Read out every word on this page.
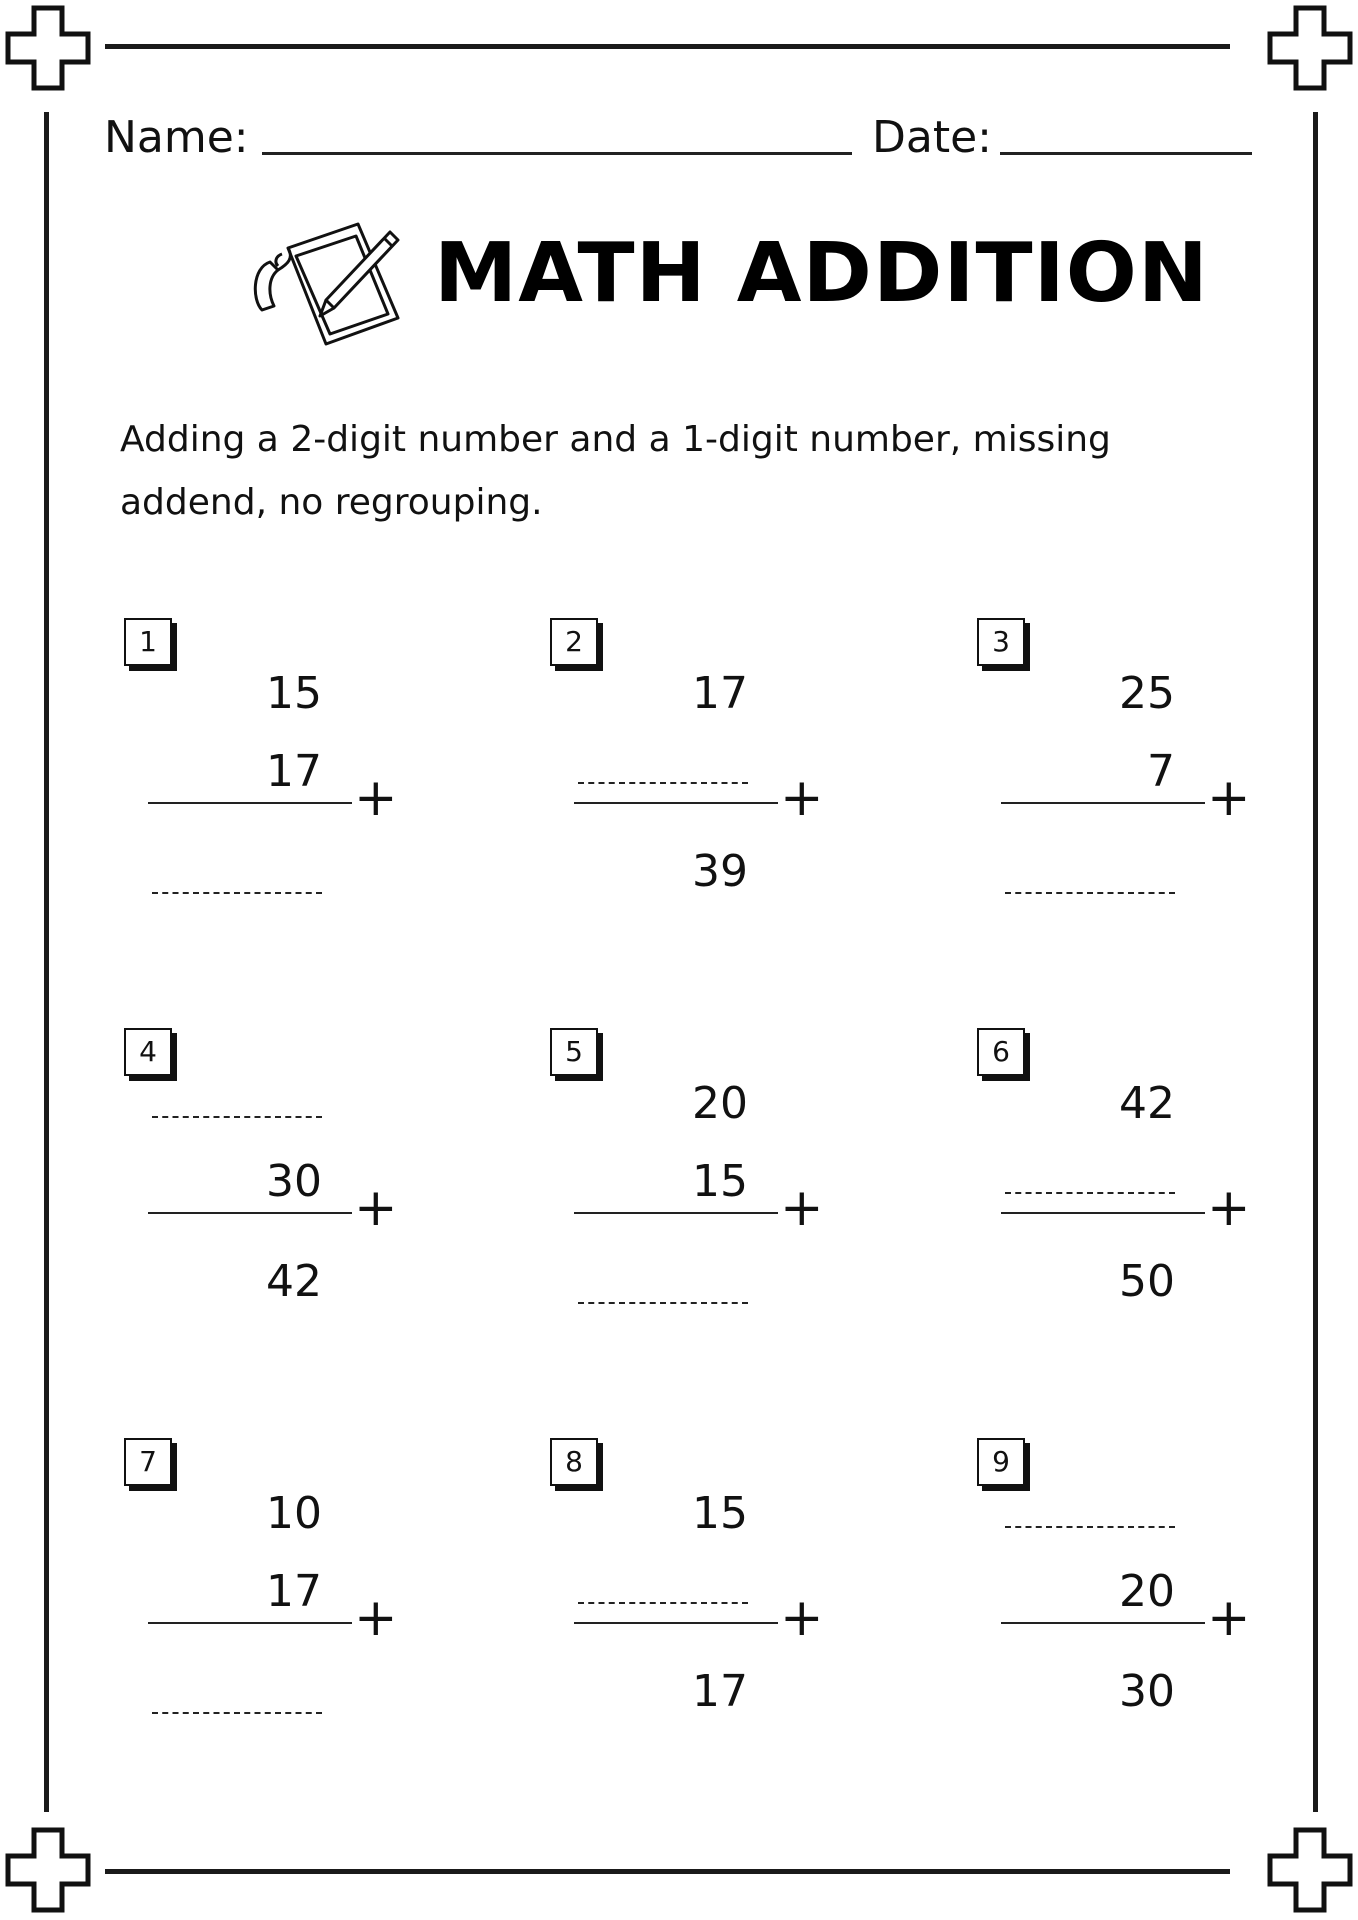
Name:	Date:
MATH ADDITION
Adding a 2-digit number and a 1-digit number, missing addend, no regrouping.
1
15
17 +
2
17
+
39
3
25
7 +
4
30 +
42
5
20
15 +
6
42
+
50
7
10
17 +
8
15
+
17
9
20 +
30
